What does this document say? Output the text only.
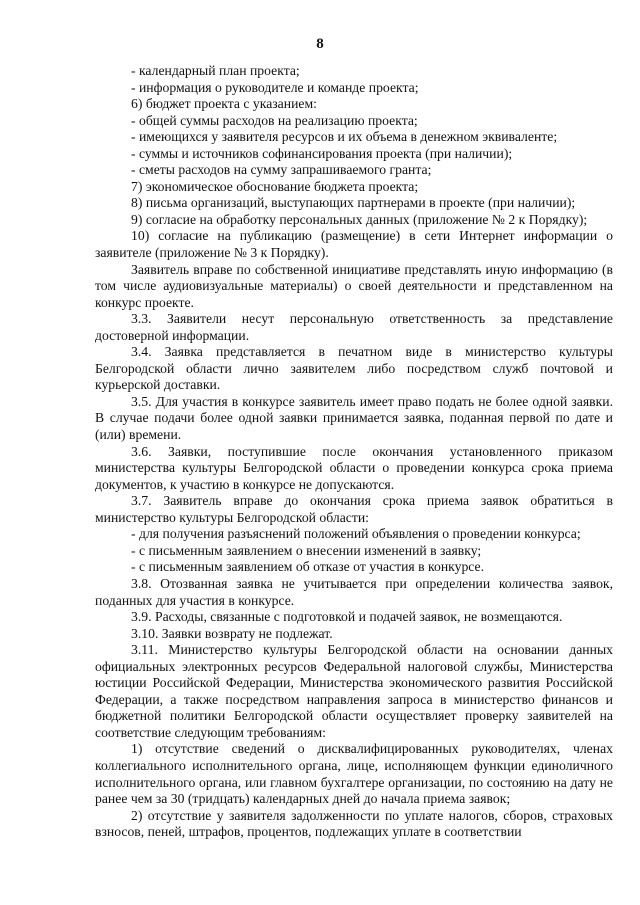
8

- календарный план проекта;

- информация о руководителе и команде проекта;

6) бюджет проекта с указанием:

- общей суммы расходов на реализацию проекта;

- имеющихся у заявителя ресурсов и их объема в денежном эквиваленте;

- суммы и источников софинансирования проекта (при наличии);

- сметы расходов на сумму запрашиваемого гранта;

7) экономическое обоснование бюджета проекта;

8) письма организаций, выступающих партнерами в проекте (при наличии);

9) согласие на обработку персональных данных (приложение № 2 к Порядку);

10) согласие на публикацию (размещение) в сети Интернет информации о заявителе (приложение № 3 к Порядку).

Заявитель вправе по собственной инициативе представлять иную информацию (в том числе аудиовизуальные материалы) о своей деятельности и представленном на конкурс проекте.

3.3. Заявители несут персональную ответственность за представление достоверной информации.

3.4. Заявка представляется в печатном виде в министерство культуры Белгородской области лично заявителем либо посредством служб почтовой и курьерской доставки.

3.5. Для участия в конкурсе заявитель имеет право подать не более одной заявки. В случае подачи более одной заявки принимается заявка, поданная первой по дате и (или) времени.

3.6. Заявки, поступившие после окончания установленного приказом министерства культуры Белгородской области о проведении конкурса срока приема документов, к участию в конкурсе не допускаются.

3.7. Заявитель вправе до окончания срока приема заявок обратиться в министерство культуры Белгородской области:

- для получения разъяснений положений объявления о проведении конкурса;

- с письменным заявлением о внесении изменений в заявку;

- с письменным заявлением об отказе от участия в конкурсе.

3.8. Отозванная заявка не учитывается при определении количества заявок, поданных для участия в конкурсе.

3.9. Расходы, связанные с подготовкой и подачей заявок, не возмещаются.

3.10. Заявки возврату не подлежат.

3.11. Министерство культуры Белгородской области на основании данных официальных электронных ресурсов Федеральной налоговой службы, Министерства юстиции Российской Федерации, Министерства экономического развития Российской Федерации, а также посредством направления запроса в министерство финансов и бюджетной политики Белгородской области осуществляет проверку заявителей на соответствие следующим требованиям:

1) отсутствие сведений о дисквалифицированных руководителях, членах коллегиального исполнительного органа, лице, исполняющем функции единоличного исполнительного органа, или главном бухгалтере организации, по состоянию на дату не ранее чем за 30 (тридцать) календарных дней до начала приема заявок;

2) отсутствие у заявителя задолженности по уплате налогов, сборов, страховых взносов, пеней, штрафов, процентов, подлежащих уплате в соответствии
